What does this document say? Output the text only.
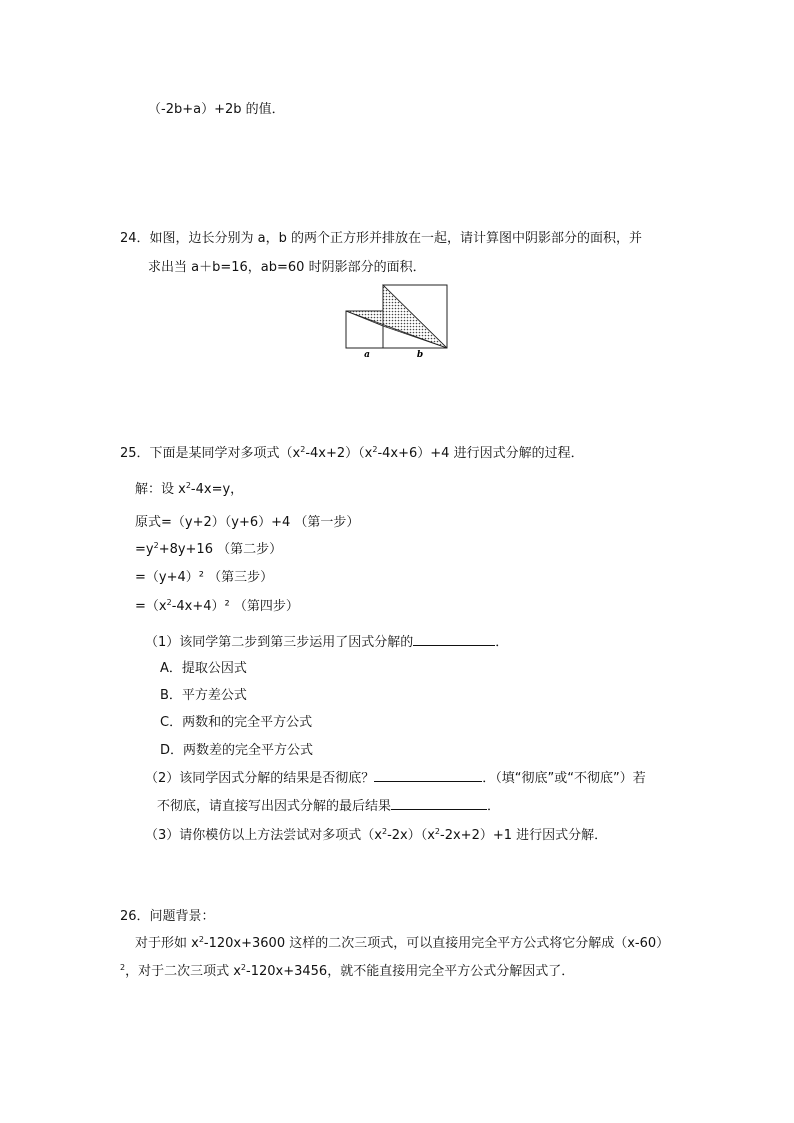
（-2b+a）+2b 的值．
24．如图，边长分别为 a，b 的两个正方形并排放在一起，请计算图中阴影部分的面积，并
求出当 a＋b=16，ab=60 时阴影部分的面积．
a	b
25．下面是某同学对多项式$(x^2-4x+2)(x^2-4x+6)+4$ 进行因式分解的过程．
解：设 $x^2-4x=y$，
原式=（y+2）（y+6）+4 （第一步）
$=y^2+8y+16$ （第二步）
=（y+4）² （第三步）
$=(x^2-4x+4)^2$ （第四步）
（1）该同学第二步到第三步运用了因式分解的	．
A．提取公因式
B．平方差公式
C．两数和的完全平方公式
D．两数差的完全平方公式
（2）该同学因式分解的结果是否彻底？	．（填“彻底”或“不彻底”）若
不彻底，请直接写出因式分解的最后结果	．
（3）请你模仿以上方法尝试对多项式$(x^2-2x)(x^2-2x+2)+1$ 进行因式分解．
26．问题背景：
对于形如 $x^2-120x+3600$ 这样的二次三项式，可以直接用完全平方公式将它分解成（x-60）
$^2$，对于二次三项式 $x^2-120x+3456$，就不能直接用完全平方公式分解因式了．
